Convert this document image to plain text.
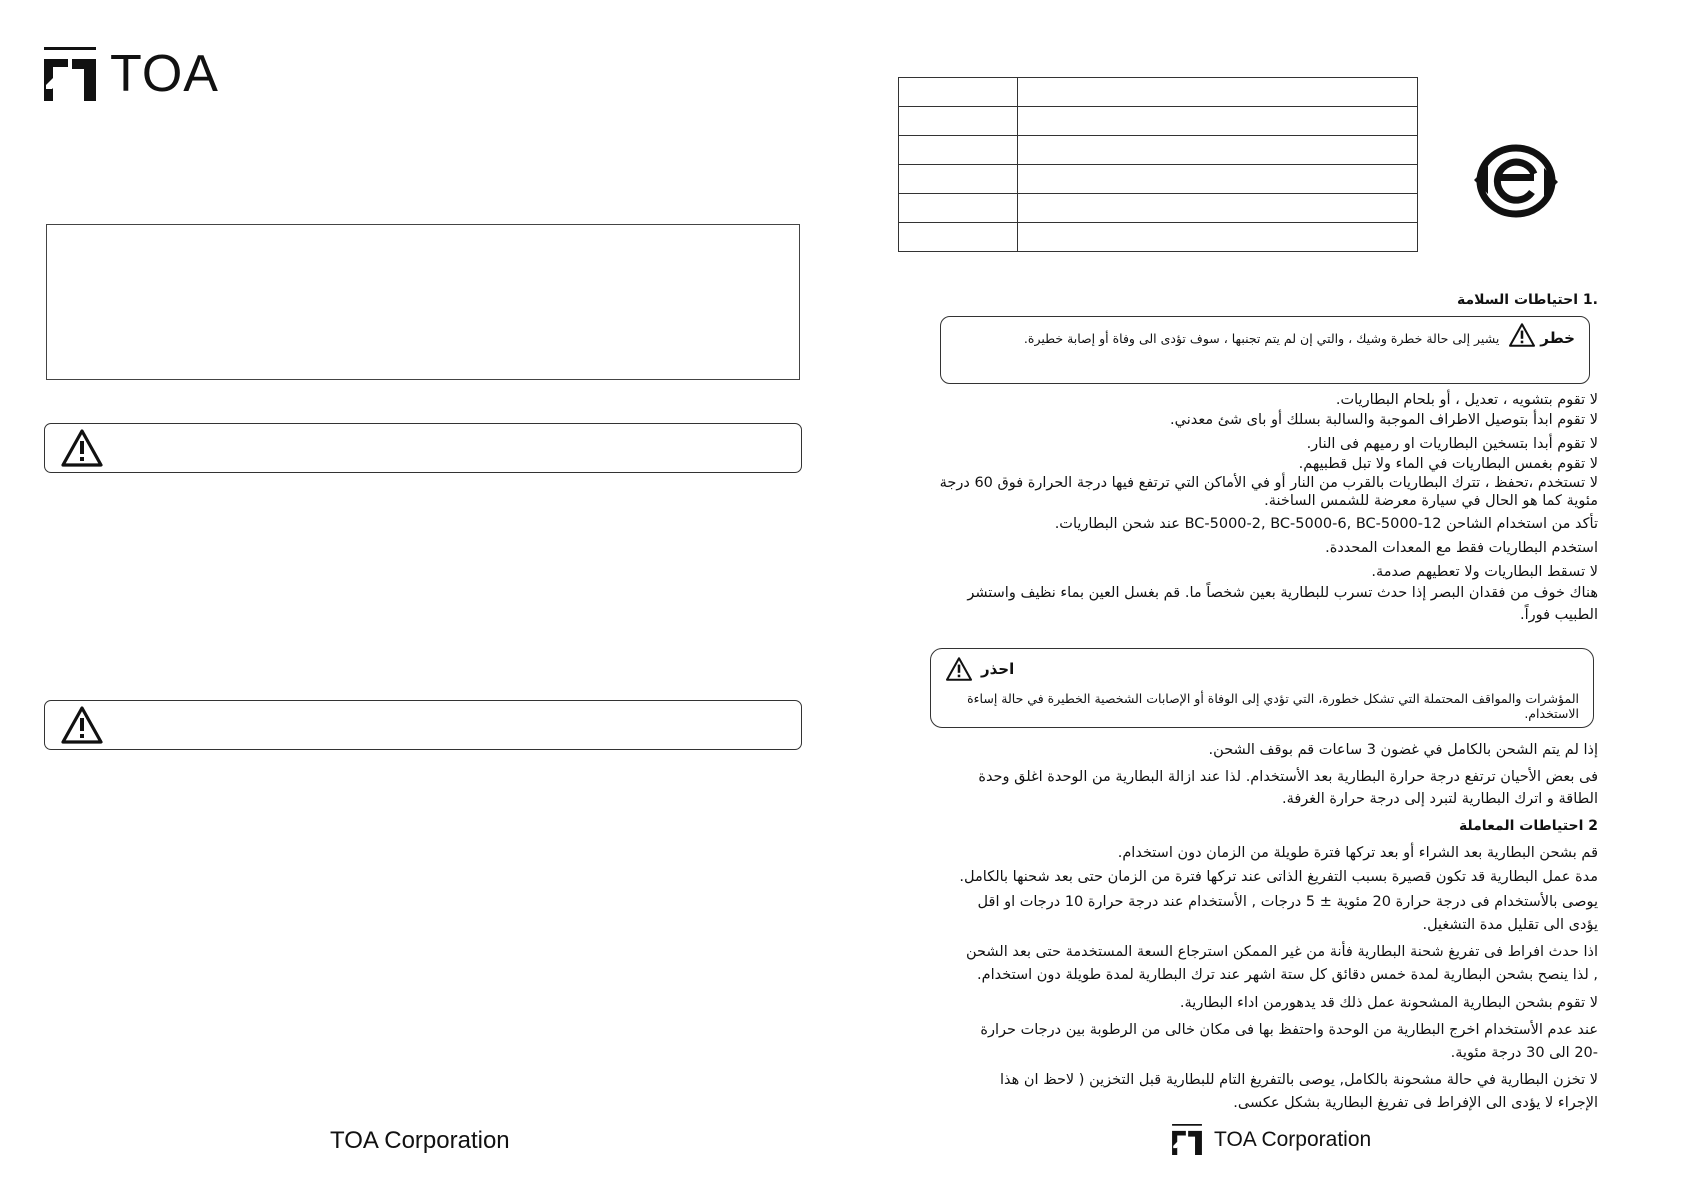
TOA
TOA Corporation

.1 احتياطات السلامة
خطر  يشير إلى حالة خطرة وشيك ، والتي إن لم يتم تجنبها ، سوف تؤدى الى وفاة أو إصابة خطيرة.
لا تقوم بتشويه ، تعديل ، أو بلحام البطاريات.
لا تقوم ابدأ بتوصيل الاطراف الموجبة والسالبة بسلك أو باى شئ معدني.
لا تقوم أبدا بتسخين البطاريات او رميهم فى النار.
لا تقوم بغمس البطاريات في الماء ولا تبل قطبيهم.
لا تستخدم ،تحفظ ، تترك البطاريات بالقرب من النار أو في الأماكن التي ترتفع فيها درجة الحرارة فوق 60 درجة مئوية كما هو الحال في سيارة معرضة للشمس الساخنة.
تأكد من استخدام الشاحن BC-5000-2, BC-5000-6, BC-5000-12 عند شحن البطاريات.
استخدم البطاريات فقط مع المعدات المحددة.
لا تسقط البطاريات ولا تعطيهم صدمة.
هناك خوف من فقدان البصر إذا حدث تسرب للبطارية بعين شخصاً ما. قم بغسل العين بماء نظيف واستشر الطبيب فوراً.
احذر
المؤشرات والمواقف المحتملة التي تشكل خطورة، التي تؤدي إلى الوفاة أو الإصابات الشخصية الخطيرة في حالة إساءة الاستخدام.
إذا لم يتم الشحن بالكامل في غضون 3 ساعات قم بوقف الشحن.
فى بعض الأحيان ترتفع درجة حرارة البطارية بعد الأستخدام. لذا عند ازالة البطارية من الوحدة اغلق وحدة الطاقة و اترك البطارية لتبرد إلى درجة حرارة الغرفة.
2 احتياطات المعاملة
قم بشحن البطارية بعد الشراء أو بعد تركها فترة طويلة من الزمان دون استخدام.
مدة عمل البطارية قد تكون قصيرة بسبب التفريغ الذاتى عند تركها فترة من الزمان حتى بعد شحنها بالكامل.
يوصى بالأستخدام فى درجة حرارة 20 مئوية ± 5 درجات , الأستخدام عند درجة حرارة 10 درجات او اقل يؤدى الى تقليل مدة التشغيل.
اذا حدث افراط فى تفريغ شحنة البطارية فأنة من غير الممكن استرجاع السعة المستخدمة حتى بعد الشحن , لذا ينصح بشحن البطارية لمدة خمس دقائق كل ستة اشهر عند ترك البطارية لمدة طويلة دون استخدام.
لا تقوم بشحن البطارية المشحونة عمل ذلك قد يدهورمن اداء البطارية.
عند عدم الأستخدام اخرج البطارية من الوحدة واحتفظ بها فى مكان خالى من الرطوبة بين درجات حرارة -20 الى 30 درجة مئوية.
لا تخزن البطارية في حالة مشحونة بالكامل, يوصى بالتفريغ التام للبطارية قبل التخزين ( لاحظ ان هذا الإجراء لا يؤدى الى الإفراط فى تفريغ البطارية بشكل عكسى.
TOA Corporation
